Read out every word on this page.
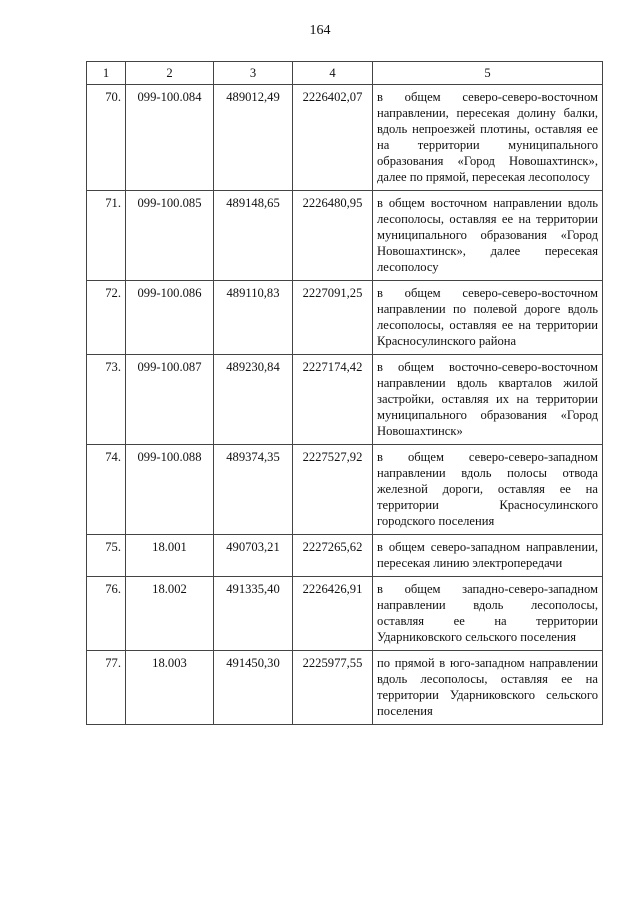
164
1	2	3	4	5
70.	099-100.084	489012,49	2226402,07	в общем северо-северо-восточном направлении, пересекая долину балки, вдоль непроезжей плотины, оставляя ее на территории муниципального образования «Город Новошахтинск», далее по прямой, пересекая лесополосу
71.	099-100.085	489148,65	2226480,95	в общем восточном направлении вдоль лесополосы, оставляя ее на территории муниципального образования «Город Новошахтинск», далее пересекая лесополосу
72.	099-100.086	489110,83	2227091,25	в общем северо-северо-восточном направлении по полевой дороге вдоль лесополосы, оставляя ее на территории Красносулинского района
73.	099-100.087	489230,84	2227174,42	в общем восточно-северо-восточном направлении вдоль кварталов жилой застройки, оставляя их на территории муниципального образования «Город Новошахтинск»
74.	099-100.088	489374,35	2227527,92	в общем северо-северо-западном направлении вдоль полосы отвода железной дороги, оставляя ее на территории Красносулинского городского поселения
75.	18.001	490703,21	2227265,62	в общем северо-западном направлении, пересекая линию электропередачи
76.	18.002	491335,40	2226426,91	в общем западно-северо-западном направлении вдоль лесополосы, оставляя ее на территории Ударниковского сельского поселения
77.	18.003	491450,30	2225977,55	по прямой в юго-западном направлении вдоль лесополосы, оставляя ее на территории Ударниковского сельского поселения
